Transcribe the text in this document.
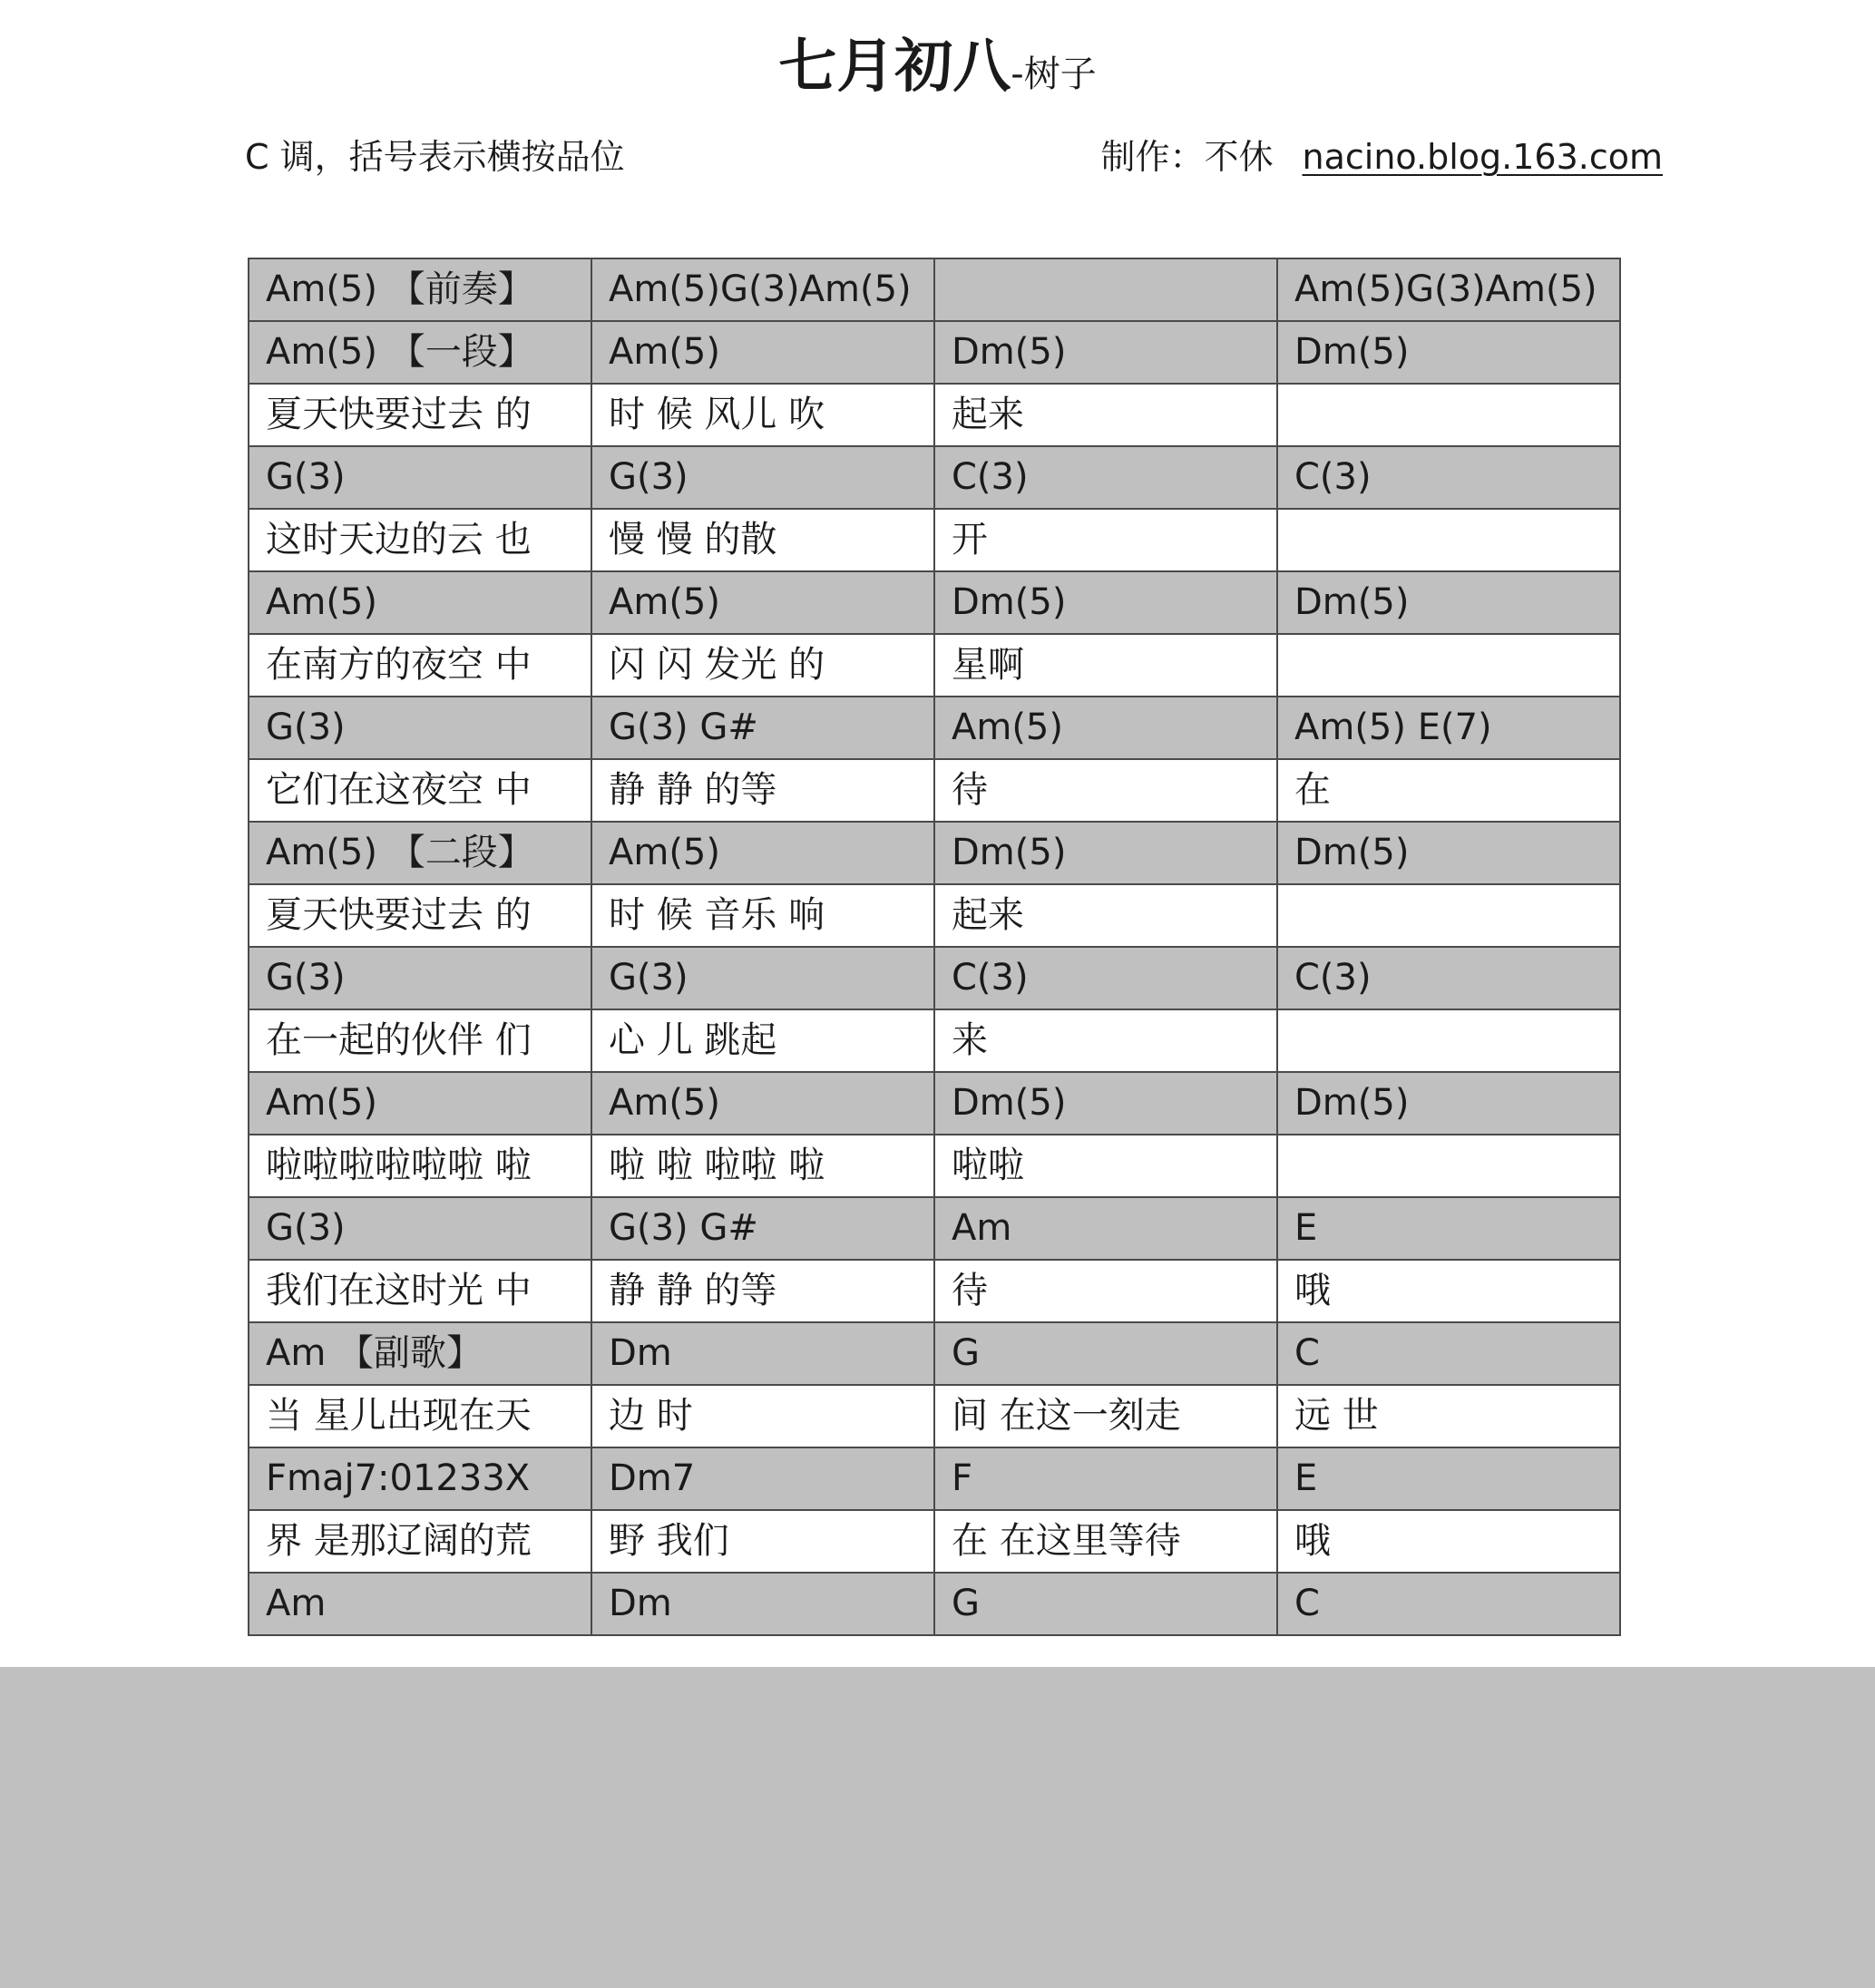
七月初八-树子
C 调，括号表示横按品位	制作：不休 nacino.blog.163.com
Am(5) 【前奏】	Am(5)G(3)Am(5)		Am(5)G(3)Am(5)
Am(5) 【一段】	Am(5)	Dm(5)	Dm(5)
夏天快要过去 的	时 候 风儿 吹	起来	
G(3)	G(3)	C(3)	C(3)
这时天边的云 也	慢 慢 的散	开	
Am(5)	Am(5)	Dm(5)	Dm(5)
在南方的夜空 中	闪 闪 发光 的	星啊	
G(3)	G(3) G#	Am(5)	Am(5) E(7)
它们在这夜空 中	静 静 的等	待	在
Am(5) 【二段】	Am(5)	Dm(5)	Dm(5)
夏天快要过去 的	时 候 音乐 响	起来	
G(3)	G(3)	C(3)	C(3)
在一起的伙伴 们	心 儿 跳起	来	
Am(5)	Am(5)	Dm(5)	Dm(5)
啦啦啦啦啦啦 啦	啦 啦 啦啦 啦	啦啦	
G(3)	G(3) G#	Am	E
我们在这时光 中	静 静 的等	待	哦
Am 【副歌】	Dm	G	C
当 星儿出现在天	边 时	间 在这一刻走	远 世
Fmaj7:01233X	Dm7	F	E
界 是那辽阔的荒	野 我们	在 在这里等待	哦
Am	Dm	G	C
